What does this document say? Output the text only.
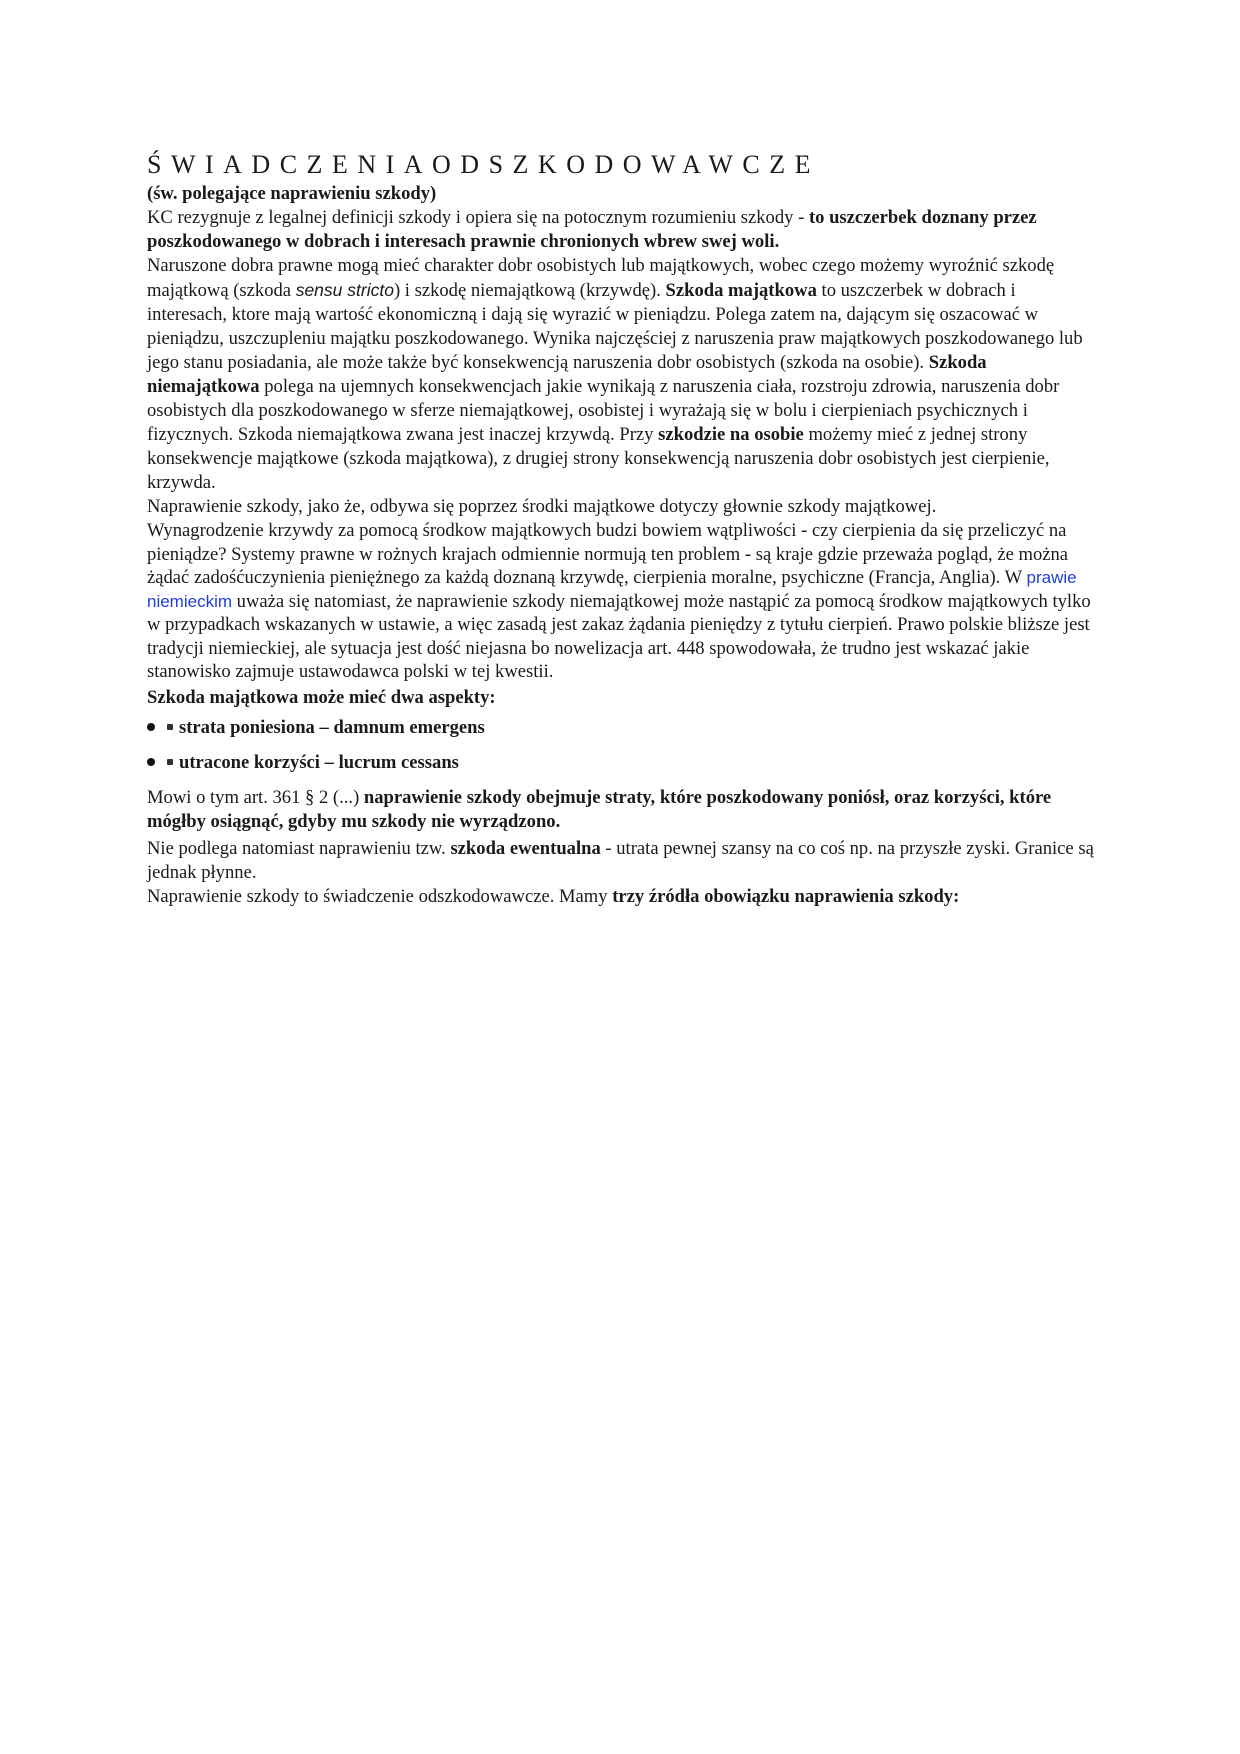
ŚWIADCZENIAODSZKODOWAWCZE

(św. polegające naprawieniu szkody)

KC rezygnuje z legalnej definicji szkody i opiera się na potocznym rozumieniu szkody - to uszczerbek doznany przez poszkodowanego w dobrach i interesach prawnie chronionych wbrew swej woli.

Naruszone dobra prawne mogą mieć charakter dobr osobistych lub majątkowych, wobec czego możemy wyroźnić szkodę majątkową (szkoda sensu stricto) i szkodę niemajątkową (krzywdę). Szkoda majątkowa to uszczerbek w dobrach i interesach, ktore mają wartość ekonomiczną i dają się wyrazić w pieniądzu. Polega zatem na, dającym się oszacować w pieniądzu, uszczupleniu majątku poszkodowanego. Wynika najczęściej z naruszenia praw majątkowych poszkodowanego lub jego stanu posiadania, ale może także być konsekwencją naruszenia dobr osobistych (szkoda na osobie). Szkoda niemajątkowa polega na ujemnych konsekwencjach jakie wynikają z naruszenia ciała, rozstroju zdrowia, naruszenia dobr osobistych dla poszkodowanego w sferze niemajątkowej, osobistej i wyrażają się w bolu i cierpieniach psychicznych i fizycznych. Szkoda niemajątkowa zwana jest inaczej krzywdą. Przy szkodzie na osobie możemy mieć z jednej strony konsekwencje majątkowe (szkoda majątkowa), z drugiej strony konsekwencją naruszenia dobr osobistych jest cierpienie, krzywda.

Naprawienie szkody, jako że, odbywa się poprzez środki majątkowe dotyczy głownie szkody majątkowej.

Wynagrodzenie krzywdy za pomocą środkow majątkowych budzi bowiem wątpliwości - czy cierpienia da się przeliczyć na pieniądze? Systemy prawne w rożnych krajach odmiennie normują ten problem - są kraje gdzie przeważa pogląd, że można żądać zadośćuczynienia pieniężnego za każdą doznaną krzywdę, cierpienia moralne, psychiczne (Francja, Anglia). W prawie niemieckim uważa się natomiast, że naprawienie szkody niemajątkowej może nastąpić za pomocą środkow majątkowych tylko w przypadkach wskazanych w ustawie, a więc zasadą jest zakaz żądania pieniędzy z tytułu cierpień. Prawo polskie bliższe jest tradycji niemieckiej, ale sytuacja jest dość niejasna bo nowelizacja art. 448 spowodowała, że trudno jest wskazać jakie stanowisko zajmuje ustawodawca polski w tej kwestii.

Szkoda majątkowa może mieć dwa aspekty:

strata poniesiona – damnum emergens
utracone korzyści – lucrum cessans

Mowi o tym art. 361 § 2 (...) naprawienie szkody obejmuje straty, które poszkodowany poniósł, oraz korzyści, które mógłby osiągnąć, gdyby mu szkody nie wyrządzono.

Nie podlega natomiast naprawieniu tzw. szkoda ewentualna - utrata pewnej szansy na co coś np. na przyszłe zyski. Granice są jednak płynne.

Naprawienie szkody to świadczenie odszkodowawcze. Mamy trzy źródła obowiązku naprawienia szkody:
